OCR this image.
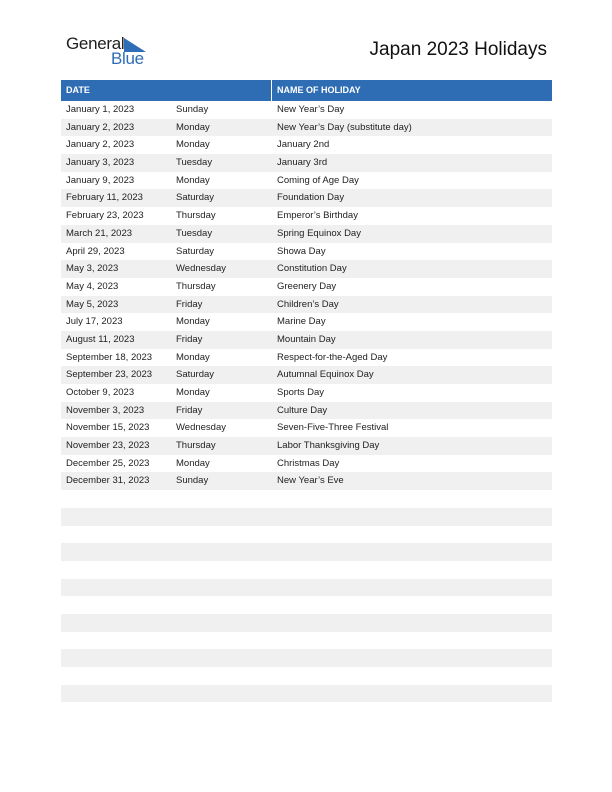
General
Blue	Japan 2023 Holidays
DATE	NAME OF HOLIDAY
January 1, 2023	Sunday	New Year’s Day
January 2, 2023	Monday	New Year’s Day (substitute day)
January 2, 2023	Monday	January 2nd
January 3, 2023	Tuesday	January 3rd
January 9, 2023	Monday	Coming of Age Day
February 11, 2023	Saturday	Foundation Day
February 23, 2023	Thursday	Emperor’s Birthday
March 21, 2023	Tuesday	Spring Equinox Day
April 29, 2023	Saturday	Showa Day
May 3, 2023	Wednesday	Constitution Day
May 4, 2023	Thursday	Greenery Day
May 5, 2023	Friday	Children’s Day
July 17, 2023	Monday	Marine Day
August 11, 2023	Friday	Mountain Day
September 18, 2023	Monday	Respect-for-the-Aged Day
September 23, 2023	Saturday	Autumnal Equinox Day
October 9, 2023	Monday	Sports Day
November 3, 2023	Friday	Culture Day
November 15, 2023	Wednesday	Seven-Five-Three Festival
November 23, 2023	Thursday	Labor Thanksgiving Day
December 25, 2023	Monday	Christmas Day
December 31, 2023	Sunday	New Year’s Eve
